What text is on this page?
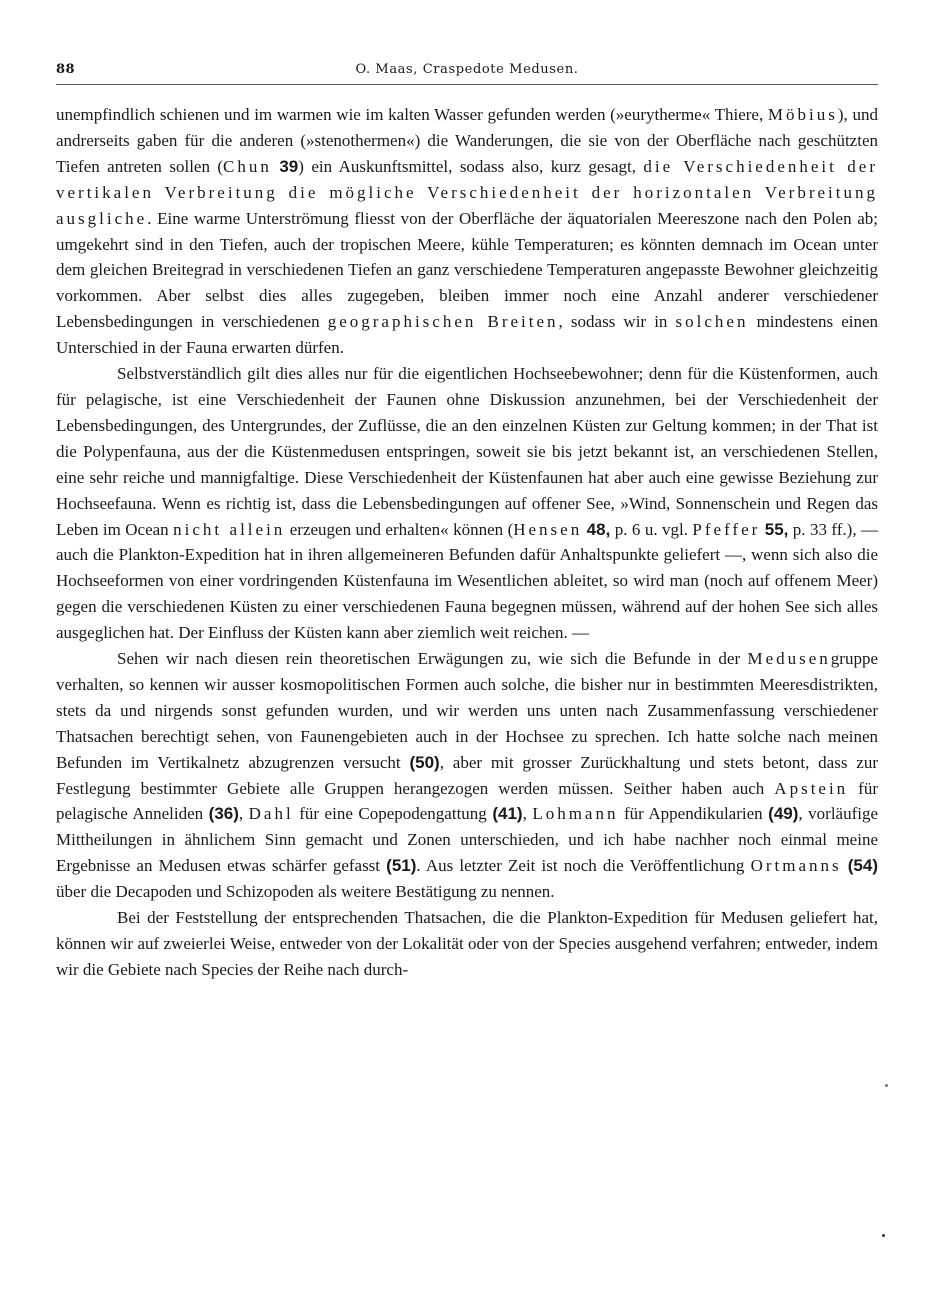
88	O. Maas, Craspedote Medusen.

unempfindlich schienen und im warmen wie im kalten Wasser gefunden werden (»eurytherme« Thiere, Möbius), und andrerseits gaben für die anderen (»stenothermen«) die Wanderungen, die sie von der Oberfläche nach geschützten Tiefen antreten sollen (Chun 39) ein Auskunftsmittel, sodass also, kurz gesagt, die Verschiedenheit der vertikalen Verbreitung die mögliche Verschiedenheit der horizontalen Verbreitung ausgliche. Eine warme Unterströmung fliesst von der Oberfläche der äquatorialen Meereszone nach den Polen ab; umgekehrt sind in den Tiefen, auch der tropischen Meere, kühle Temperaturen; es könnten demnach im Ocean unter dem gleichen Breitegrad in verschiedenen Tiefen an ganz verschiedene Temperaturen angepasste Bewohner gleichzeitig vorkommen. Aber selbst dies alles zugegeben, bleiben immer noch eine Anzahl anderer verschiedener Lebensbedingungen in verschiedenen geographischen Breiten, sodass wir in solchen mindestens einen Unterschied in der Fauna erwarten dürfen.

Selbstverständlich gilt dies alles nur für die eigentlichen Hochseebewohner; denn für die Küstenformen, auch für pelagische, ist eine Verschiedenheit der Faunen ohne Diskussion anzunehmen, bei der Verschiedenheit der Lebensbedingungen, des Untergrundes, der Zuflüsse, die an den einzelnen Küsten zur Geltung kommen; in der That ist die Polypenfauna, aus der die Küstenmedusen entspringen, soweit sie bis jetzt bekannt ist, an verschiedenen Stellen, eine sehr reiche und mannigfaltige. Diese Verschiedenheit der Küstenfaunen hat aber auch eine gewisse Beziehung zur Hochseefauna. Wenn es richtig ist, dass die Lebensbedingungen auf offener See, »Wind, Sonnenschein und Regen das Leben im Ocean nicht allein erzeugen und erhalten« können (Hensen 48, p. 6 u. vgl. Pfeffer 55, p. 33 ff.), — auch die Plankton-Expedition hat in ihren allgemeineren Befunden dafür Anhaltspunkte geliefert —, wenn sich also die Hochseeformen von einer vordringenden Küstenfauna im Wesentlichen ableitet, so wird man (noch auf offenem Meer) gegen die verschiedenen Küsten zu einer verschiedenen Fauna begegnen müssen, während auf der hohen See sich alles ausgeglichen hat. Der Einfluss der Küsten kann aber ziemlich weit reichen. —

Sehen wir nach diesen rein theoretischen Erwägungen zu, wie sich die Befunde in der Medusengruppe verhalten, so kennen wir ausser kosmopolitischen Formen auch solche, die bisher nur in bestimmten Meeresdistrikten, stets da und nirgends sonst gefunden wurden, und wir werden uns unten nach Zusammenfassung verschiedener Thatsachen berechtigt sehen, von Faunengebieten auch in der Hochsee zu sprechen. Ich hatte solche nach meinen Befunden im Vertikalnetz abzugrenzen versucht (50), aber mit grosser Zurückhaltung und stets betont, dass zur Festlegung bestimmter Gebiete alle Gruppen herangezogen werden müssen. Seither haben auch Apstein für pelagische Anneliden (36), Dahl für eine Copepodengattung (41), Lohmann für Appendikularien (49), vorläufige Mittheilungen in ähnlichem Sinn gemacht und Zonen unterschieden, und ich habe nachher noch einmal meine Ergebnisse an Medusen etwas schärfer gefasst (51). Aus letzter Zeit ist noch die Veröffentlichung Ortmanns (54) über die Decapoden und Schizopoden als weitere Bestätigung zu nennen.

Bei der Feststellung der entsprechenden Thatsachen, die die Plankton-Expedition für Medusen geliefert hat, können wir auf zweierlei Weise, entweder von der Lokalität oder von der Species ausgehend verfahren; entweder, indem wir die Gebiete nach Species der Reihe nach durch-
